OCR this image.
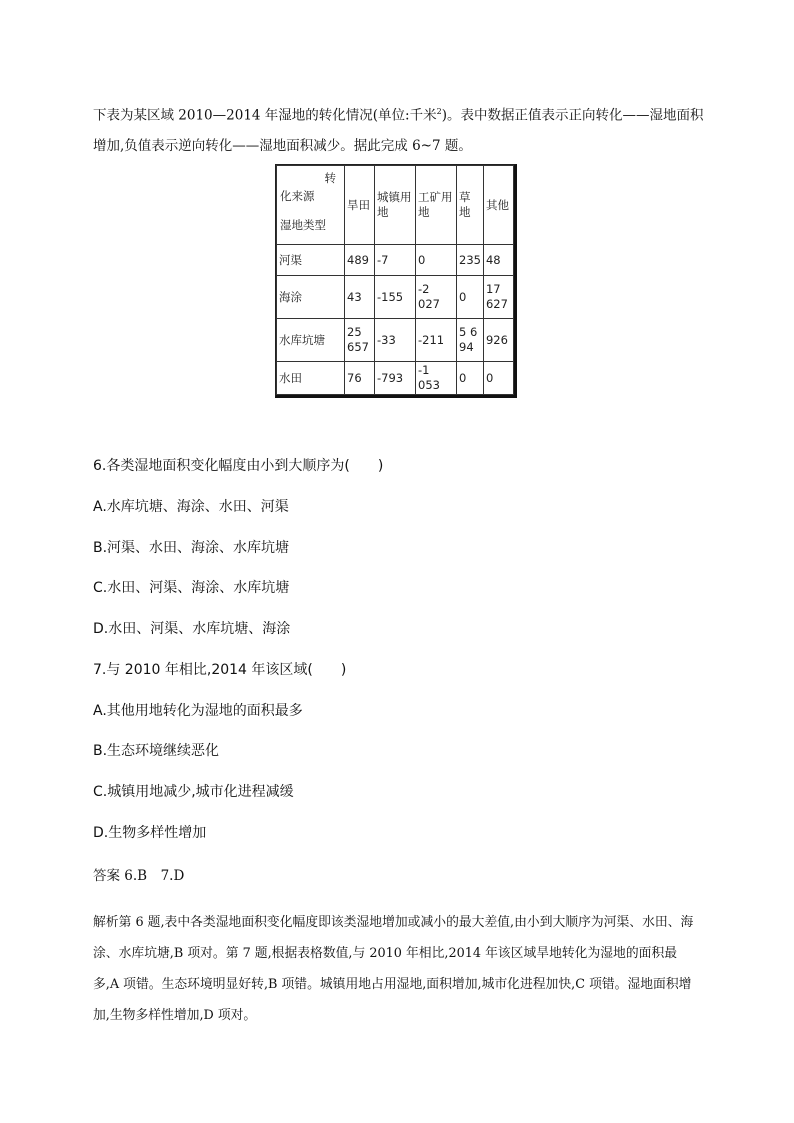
下表为某区域 2010—2014 年湿地的转化情况(单位:千米$^2$)。表中数据正值表示正向转化——湿地面积增加,负值表示逆向转化——湿地面积减少。据此完成 6~7 题。
转
化来源
湿地类型	旱田	城镇用地	工矿用地	草地	其他
河渠	489	-7	0	235	48
海涂	43	-155	-2 027	0	17 627
水库坑塘	25 657	-33	-211	5 694	926
水田	76	-793	-1 053	0	0
6.各类湿地面积变化幅度由小到大顺序为(　　)
A.水库坑塘、海涂、水田、河渠
B.河渠、水田、海涂、水库坑塘
C.水田、河渠、海涂、水库坑塘
D.水田、河渠、水库坑塘、海涂
7.与 2010 年相比,2014 年该区域(　　)
A.其他用地转化为湿地的面积最多
B.生态环境继续恶化
C.城镇用地减少,城市化进程减缓
D.生物多样性增加
答案 6.B　7.D
解析第 6 题,表中各类湿地面积变化幅度即该类湿地增加或减小的最大差值,由小到大顺序为河渠、水田、海涂、水库坑塘,B 项对。第 7 题,根据表格数值,与 2010 年相比,2014 年该区域旱地转化为湿地的面积最多,A 项错。生态环境明显好转,B 项错。城镇用地占用湿地,面积增加,城市化进程加快,C 项错。湿地面积增加,生物多样性增加,D 项对。
